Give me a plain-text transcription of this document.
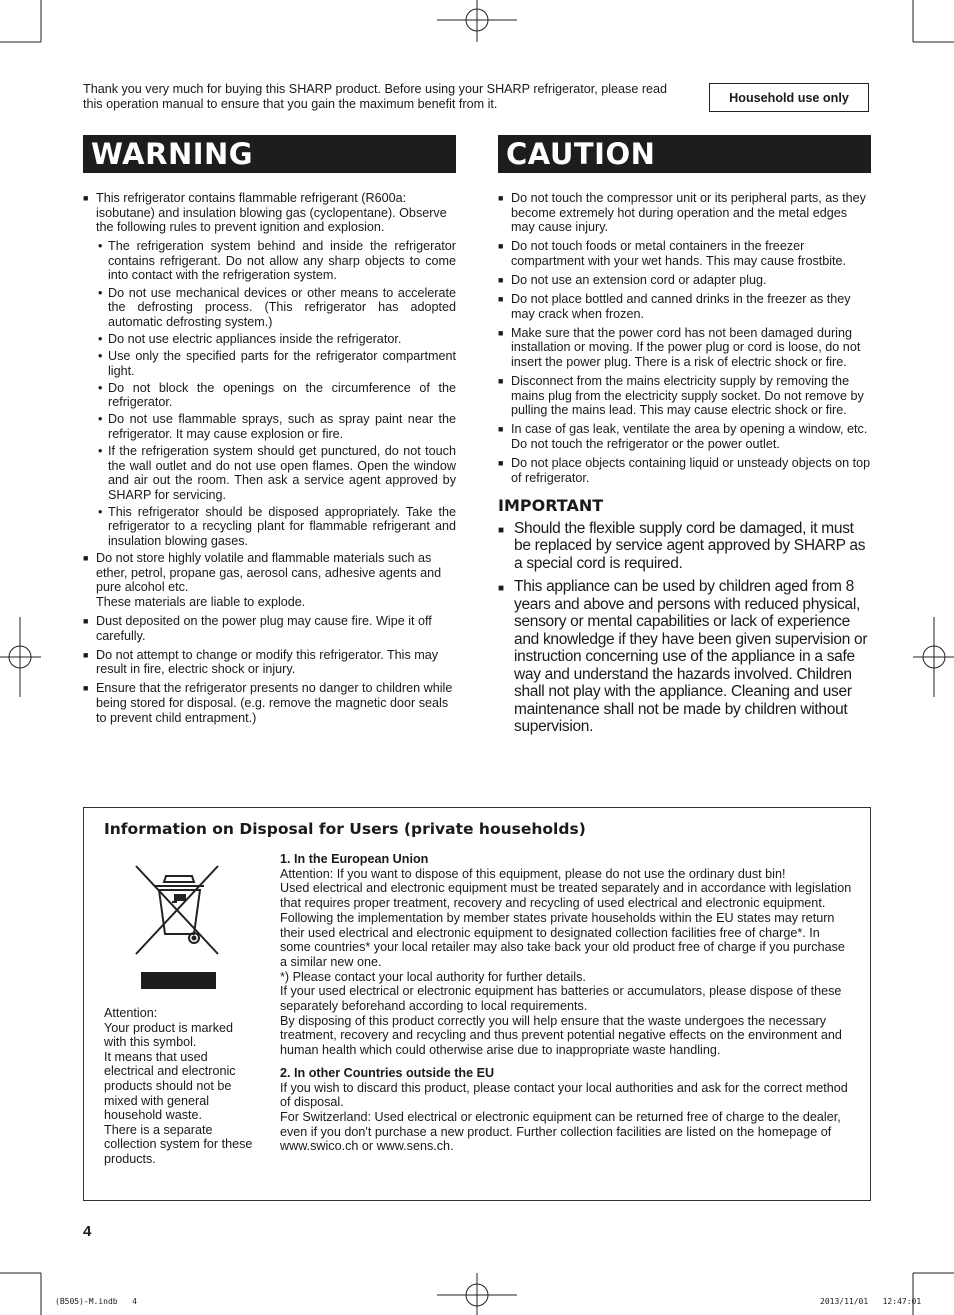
Thank you very much for buying this SHARP product. Before using your SHARP refrigerator, please read this operation manual to ensure that you gain the maximum benefit from it.	Household use only
WARNING
■ This refrigerator contains flammable refrigerant (R600a: isobutane) and insulation blowing gas (cyclopentane). Observe the following rules to prevent ignition and explosion.
• The refrigeration system behind and inside the refrigerator contains refrigerant. Do not allow any sharp objects to come into contact with the refrigeration system.
• Do not use mechanical devices or other means to accelerate the defrosting process. (This refrigerator has adopted automatic defrosting system.)
• Do not use electric appliances inside the refrigerator.
• Use only the specified parts for the refrigerator compartment light.
• Do not block the openings on the circumference of the refrigerator.
• Do not use flammable sprays, such as spray paint near the refrigerator. It may cause explosion or fire.
• If the refrigeration system should get punctured, do not touch the wall outlet and do not use open flames. Open the window and air out the room. Then ask a service agent approved by SHARP for servicing.
• This refrigerator should be disposed appropriately. Take the refrigerator to a recycling plant for flammable refrigerant and insulation blowing gases.
■ Do not store highly volatile and flammable materials such as ether, petrol, propane gas, aerosol cans, adhesive agents and pure alcohol etc.
These materials are liable to explode.
■ Dust deposited on the power plug may cause fire. Wipe it off carefully.
■ Do not attempt to change or modify this refrigerator. This may result in fire, electric shock or injury.
■ Ensure that the refrigerator presents no danger to children while being stored for disposal. (e.g. remove the magnetic door seals to prevent child entrapment.)
CAUTION
■ Do not touch the compressor unit or its peripheral parts, as they become extremely hot during operation and the metal edges may cause injury.
■ Do not touch foods or metal containers in the freezer compartment with your wet hands. This may cause frostbite.
■ Do not use an extension cord or adapter plug.
■ Do not place bottled and canned drinks in the freezer as they may crack when frozen.
■ Make sure that the power cord has not been damaged during installation or moving. If the power plug or cord is loose, do not insert the power plug. There is a risk of electric shock or fire.
■ Disconnect from the mains electricity supply by removing the mains plug from the electricity supply socket. Do not remove by pulling the mains lead. This may cause electric shock or fire.
■ In case of gas leak, ventilate the area by opening a window, etc. Do not touch the refrigerator or the power outlet.
■ Do not place objects containing liquid or unsteady objects on top of refrigerator.
IMPORTANT
■ Should the flexible supply cord be damaged, it must be replaced by service agent approved by SHARP as a special cord is required.
■ This appliance can be used by children aged from 8 years and above and persons with reduced physical, sensory or mental capabilities or lack of experience and knowledge if they have been given supervision or instruction concerning use of the appliance in a safe way and understand the hazards involved. Children shall not play with the appliance. Cleaning and user maintenance shall not be made by children without supervision.
Information on Disposal for Users (private households)

Attention:

Your product is marked with this symbol.

It means that used electrical and electronic products should not be mixed with general household waste.

There is a separate collection system for these products.

1. In the European Union

Attention: If you want to dispose of this equipment, please do not use the ordinary dust bin!

Used electrical and electronic equipment must be treated separately and in accordance with legislation that requires proper treatment, recovery and recycling of used electrical and electronic equipment.

Following the implementation by member states private households within the EU states may return their used electrical and electronic equipment to designated collection facilities free of charge*. In some countries* your local retailer may also take back your old product free of charge if you purchase a similar new one.

*) Please contact your local authority for further details.

If your used electrical or electronic equipment has batteries or accumulators, please dispose of these separately beforehand according to local requirements.

By disposing of this product correctly you will help ensure that the waste undergoes the necessary treatment, recovery and recycling and thus prevent potential negative effects on the environment and human health which could otherwise arise due to inappropriate waste handling.

2. In other Countries outside the EU

If you wish to discard this product, please contact your local authorities and ask for the correct method of disposal.

For Switzerland: Used electrical or electronic equipment can be returned free of charge to the dealer, even if you don't purchase a new product. Further collection facilities are listed on the homepage of www.swico.ch or www.sens.ch.

4
(B505)-M.indb   4	2013/11/01   12:47:01
